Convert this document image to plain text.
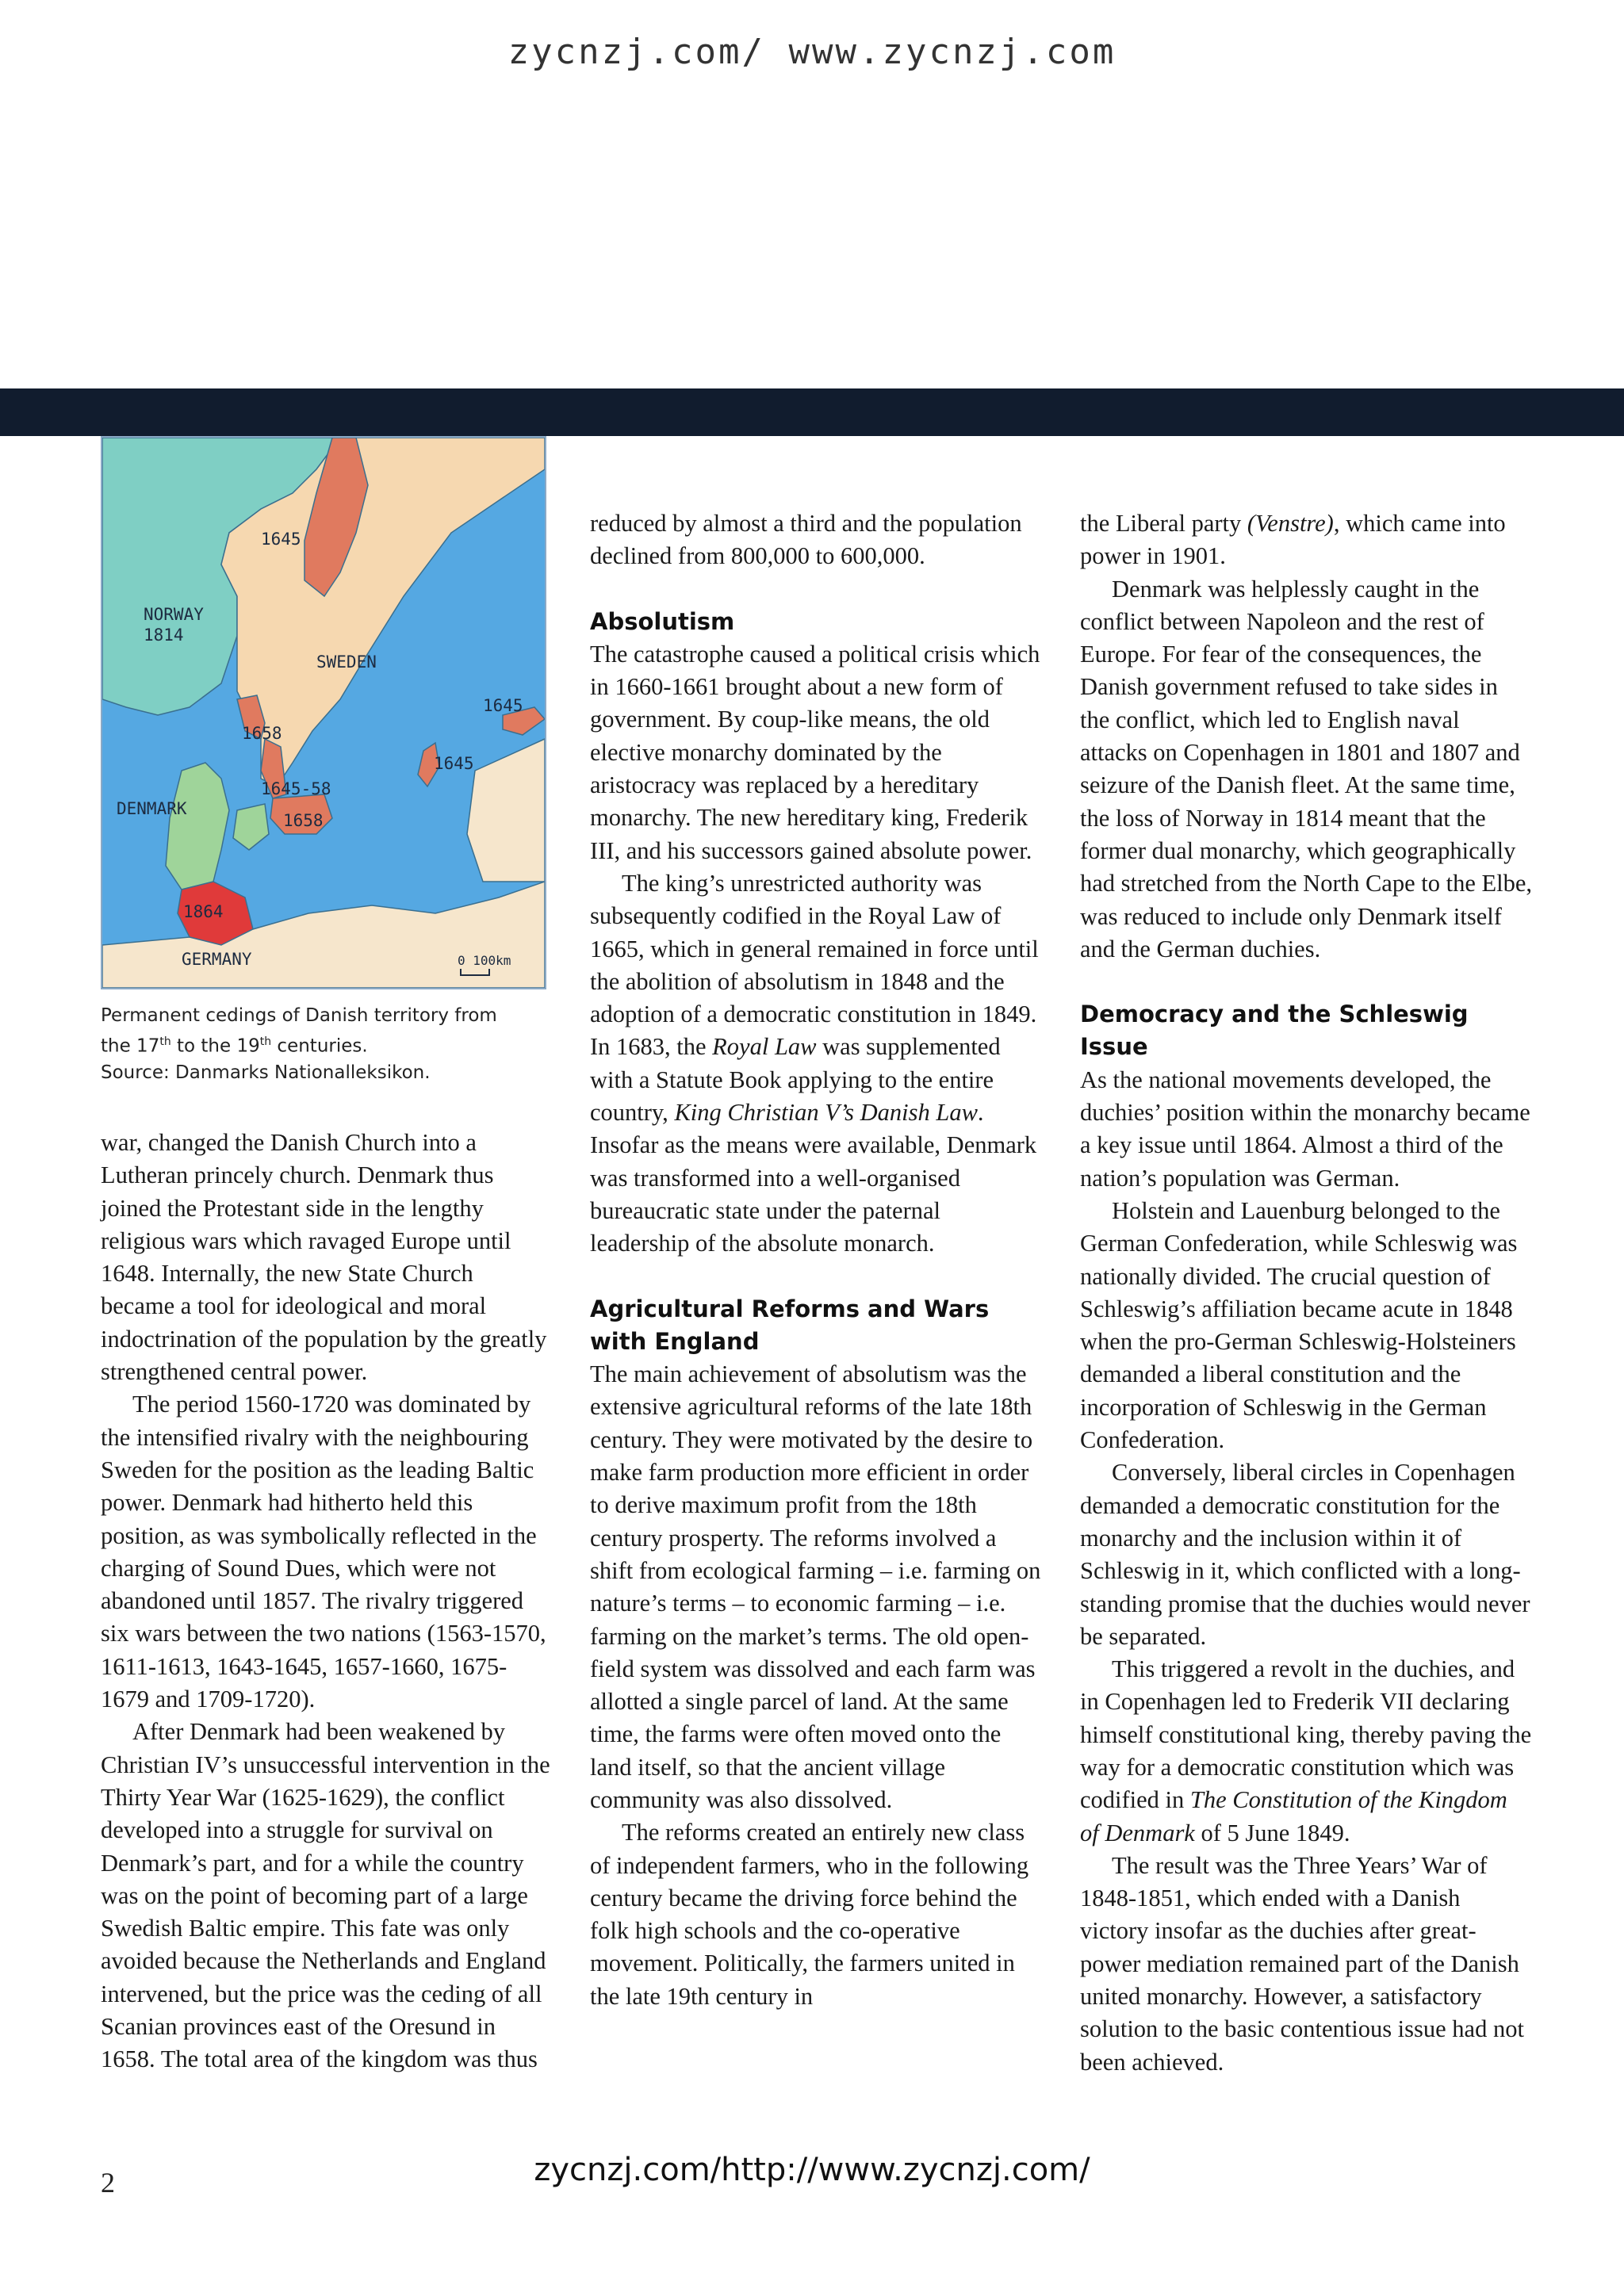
zycnzj.com/ www.zycnzj.com
1645
NORWAY
1814
SWEDEN
1645
1658
1645
1645-58
DENMARK
1658
1864
GERMANY	0 100km
Permanent cedings of Danish territory from
the 17th to the 19th centuries.
Source: Danmarks Nationalleksikon.

war, changed the Danish Church into a Lutheran princely church. Denmark thus joined the Protestant side in the lengthy religious wars which ravaged Europe until 1648. Internally, the new State Church became a tool for ideological and moral indoctrination of the population by the greatly strengthened central power.

The period 1560-1720 was dominated by the intensified rivalry with the neighbouring Sweden for the position as the leading Baltic power. Denmark had hitherto held this position, as was symbolically reflected in the charging of Sound Dues, which were not abandoned until 1857. The rivalry triggered six wars between the two nations (1563-1570, 1611-1613, 1643-1645, 1657-1660, 1675-1679 and 1709-1720).

After Denmark had been weakened by Christian IV’s unsuccessful intervention in the Thirty Year War (1625-1629), the conflict developed into a struggle for survival on Denmark’s part, and for a while the country was on the point of becoming part of a large Swedish Baltic empire. This fate was only avoided because the Netherlands and England intervened, but the price was the ceding of all Scanian provinces east of the Oresund in 1658. The total area of the kingdom was thus

reduced by almost a third and the population declined from 800,000 to 600,000.

Absolutism

The catastrophe caused a political crisis which in 1660-1661 brought about a new form of government. By coup-like means, the old elective monarchy dominated by the aristocracy was replaced by a hereditary monarchy. The new hereditary king, Frederik III, and his successors gained absolute power.

The king’s unrestricted authority was subsequently codified in the Royal Law of 1665, which in general remained in force until the abolition of absolutism in 1848 and the adoption of a democratic constitution in 1849. In 1683, the Royal Law was supplemented with a Statute Book applying to the entire country, King Christian V’s Danish Law. Insofar as the means were available, Denmark was transformed into a well-organised bureaucratic state under the paternal leadership of the absolute monarch.

Agricultural Reforms and Wars
with England

The main achievement of absolutism was the extensive agricultural reforms of the late 18th century. They were motivated by the desire to make farm production more efficient in order to derive maximum profit from the 18th century prosperty. The reforms involved a shift from ecological farming – i.e. farming on nature’s terms – to economic farming – i.e. farming on the market’s terms. The old open-field system was dissolved and each farm was allotted a single parcel of land. At the same time, the farms were often moved onto the land itself, so that the ancient village community was also dissolved.

The reforms created an entirely new class of independent farmers, who in the following century became the driving force behind the folk high schools and the co-operative movement. Politically, the farmers united in the late 19th century in

the Liberal party (Venstre), which came into power in 1901.

Denmark was helplessly caught in the conflict between Napoleon and the rest of Europe. For fear of the consequences, the Danish government refused to take sides in the conflict, which led to English naval attacks on Copenhagen in 1801 and 1807 and seizure of the Danish fleet. At the same time, the loss of Norway in 1814 meant that the former dual monarchy, which geographically had stretched from the North Cape to the Elbe, was reduced to include only Denmark itself and the German duchies.

Democracy and the Schleswig Issue

As the national movements developed, the duchies’ position within the monarchy became a key issue until 1864. Almost a third of the nation’s population was German.

Holstein and Lauenburg belonged to the German Confederation, while Schleswig was nationally divided. The crucial question of Schleswig’s affiliation became acute in 1848 when the pro-German Schleswig-Holsteiners demanded a liberal constitution and the incorporation of Schleswig in the German Confederation.

Conversely, liberal circles in Copenhagen demanded a democratic constitution for the monarchy and the inclusion within it of Schleswig in it, which conflicted with a long-standing promise that the duchies would never be separated.

This triggered a revolt in the duchies, and in Copenhagen led to Frederik VII declaring himself constitutional king, thereby paving the way for a democratic constitution which was codified in The Constitution of the Kingdom of Denmark of 5 June 1849.

The result was the Three Years’ War of 1848-1851, which ended with a Danish victory insofar as the duchies after great-power mediation remained part of the Danish united monarchy. However, a satisfactory solution to the basic contentious issue had not been achieved.

2	zycnzj.com/http://www.zycnzj.com/
